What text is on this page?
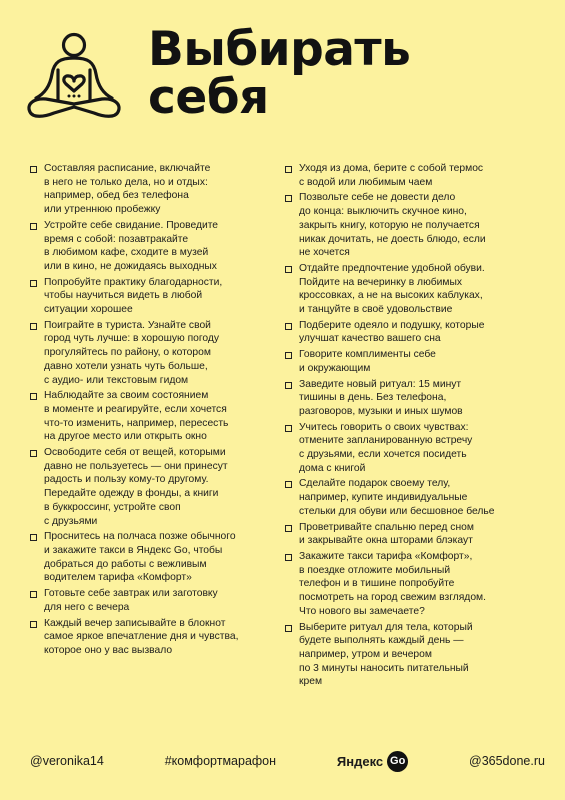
Выбирать
себя
Составляя расписание, включайте
в него не только дела, но и отдых:
например, обед без телефона
или утреннюю пробежку
Устройте себе свидание. Проведите
время с собой: позавтракайте
в любимом кафе, сходите в музей
или в кино, не дожидаясь выходных
Попробуйте практику благодарности,
чтобы научиться видеть в любой
ситуации хорошее
Поиграйте в туриста. Узнайте свой
город чуть лучше: в хорошую погоду
прогуляйтесь по району, о котором
давно хотели узнать чуть больше,
с аудио- или текстовым гидом
Наблюдайте за своим состоянием
в моменте и реагируйте, если хочется
что-то изменить, например, пересесть
на другое место или открыть окно
Освободите себя от вещей, которыми
давно не пользуетесь — они принесут
радость и пользу кому-то другому.
Передайте одежду в фонды, а книги
в буккроссинг, устройте своп
с друзьями
Проснитесь на полчаса позже обычного
и закажите такси в Яндекс Go, чтобы
добраться до работы с вежливым
водителем тарифа «Комфорт»
Готовьте себе завтрак или заготовку
для него с вечера
Каждый вечер записывайте в блокнот
самое яркое впечатление дня и чувства,
которое оно у вас вызвало
Уходя из дома, берите с собой термос
с водой или любимым чаем
Позвольте себе не довести дело
до конца: выключить скучное кино,
закрыть книгу, которую не получается
никак дочитать, не доесть блюдо, если
не хочется
Отдайте предпочтение удобной обуви.
Пойдите на вечеринку в любимых
кроссовках, а не на высоких каблуках,
и танцуйте в своё удовольствие
Подберите одеяло и подушку, которые
улучшат качество вашего сна
Говорите комплименты себе
и окружающим
Заведите новый ритуал: 15 минут
тишины в день. Без телефона,
разговоров, музыки и иных шумов
Учитесь говорить о своих чувствах:
отмените запланированную встречу
с друзьями, если хочется посидеть
дома с книгой
Сделайте подарок своему телу,
например, купите индивидуальные
стельки для обуви или бесшовное белье
Проветривайте спальню перед сном
и закрывайте окна шторами блэкаут
Закажите такси тарифа «Комфорт»,
в поездке отложите мобильный
телефон и в тишине попробуйте
посмотреть на город свежим взглядом.
Что нового вы замечаете?
Выберите ритуал для тела, который
будете выполнять каждый день —
например, утром и вечером
по 3 минуты наносить питательный
крем
@veronika14	#комфортмарафон	Яндекс Go	@365done.ru
